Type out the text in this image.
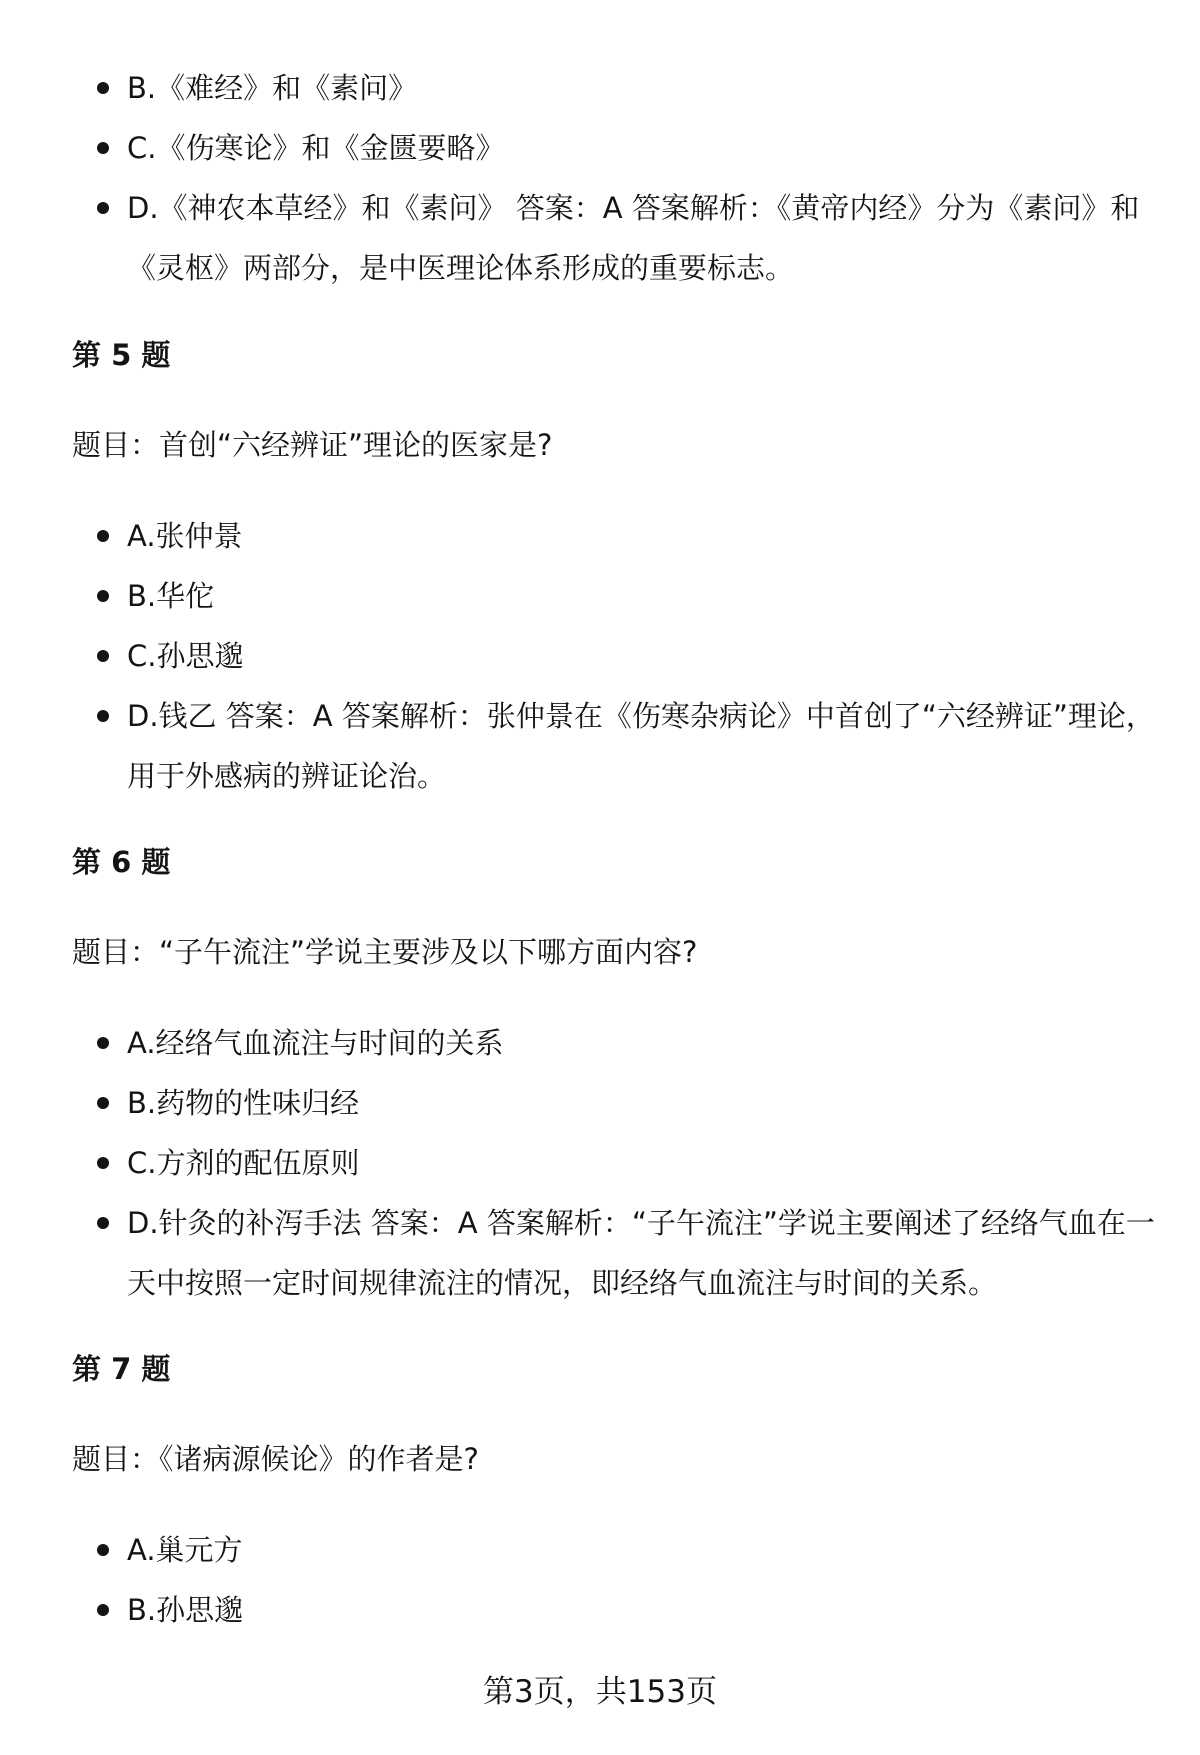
B.《难经》和《素问》
C.《伤寒论》和《金匮要略》
D.《神农本草经》和《素问》 答案：A 答案解析：《黄帝内经》分为《素问》和《灵枢》两部分，是中医理论体系形成的重要标志。
第 5 题
题目：首创“六经辨证”理论的医家是?
A.张仲景
B.华佗
C.孙思邈
D.钱乙 答案：A 答案解析：张仲景在《伤寒杂病论》中首创了“六经辨证”理论，用于外感病的辨证论治。
第 6 题
题目：“子午流注”学说主要涉及以下哪方面内容?
A.经络气血流注与时间的关系
B.药物的性味归经
C.方剂的配伍原则
D.针灸的补泻手法 答案：A 答案解析：“子午流注”学说主要阐述了经络气血在一天中按照一定时间规律流注的情况，即经络气血流注与时间的关系。
第 7 题
题目：《诸病源候论》的作者是?
A.巢元方
B.孙思邈
第3页，共153页
